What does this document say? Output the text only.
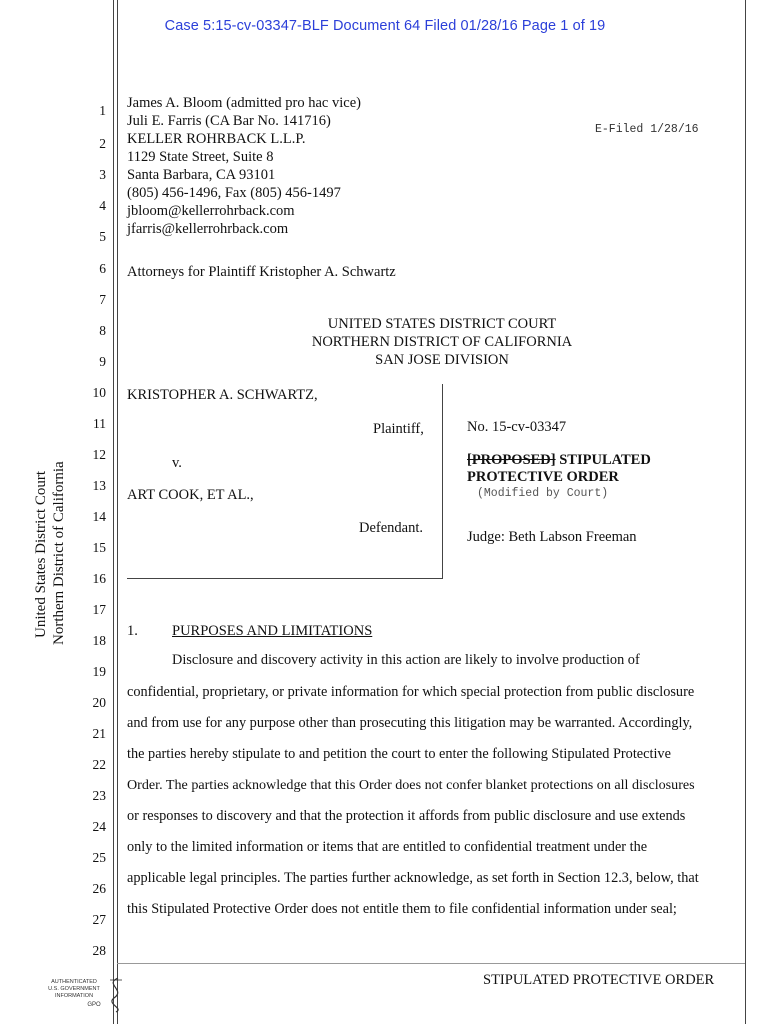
Case 5:15-cv-03347-BLF Document 64 Filed 01/28/16 Page 1 of 19
1
2
3
4
5
6
7
8
9
10
11
12
13
14
15
16
17
18
19
20
21
22
23
24
25
26
27
28
United States District Court Northern District of California
James A. Bloom (admitted pro hac vice)
Juli E. Farris (CA Bar No. 141716)
KELLER ROHRBACK L.L.P.
1129 State Street, Suite 8
Santa Barbara, CA 93101
(805) 456-1496, Fax (805) 456-1497
jbloom@kellerrohrback.com
jfarris@kellerrohrback.com
E-Filed 1/28/16
Attorneys for Plaintiff Kristopher A. Schwartz
UNITED STATES DISTRICT COURT
NORTHERN DISTRICT OF CALIFORNIA
SAN JOSE DIVISION
KRISTOPHER A. SCHWARTZ,
Plaintiff,
v.
ART COOK, ET AL.,
Defendant.
No. 15-cv-03347
[PROPOSED] STIPULATED
PROTECTIVE ORDER
(Modified by Court)
Judge: Beth Labson Freeman
1. PURPOSES AND LIMITATIONS
Disclosure and discovery activity in this action are likely to involve production of
confidential, proprietary, or private information for which special protection from public disclosure
and from use for any purpose other than prosecuting this litigation may be warranted. Accordingly,
the parties hereby stipulate to and petition the court to enter the following Stipulated Protective
Order. The parties acknowledge that this Order does not confer blanket protections on all disclosures
or responses to discovery and that the protection it affords from public disclosure and use extends
only to the limited information or items that are entitled to confidential treatment under the
applicable legal principles. The parties further acknowledge, as set forth in Section 12.3, below, that
this Stipulated Protective Order does not entitle them to file confidential information under seal;
STIPULATED PROTECTIVE ORDER
AUTHENTICATED
U.S. GOVERNMENT
INFORMATION
GPO
